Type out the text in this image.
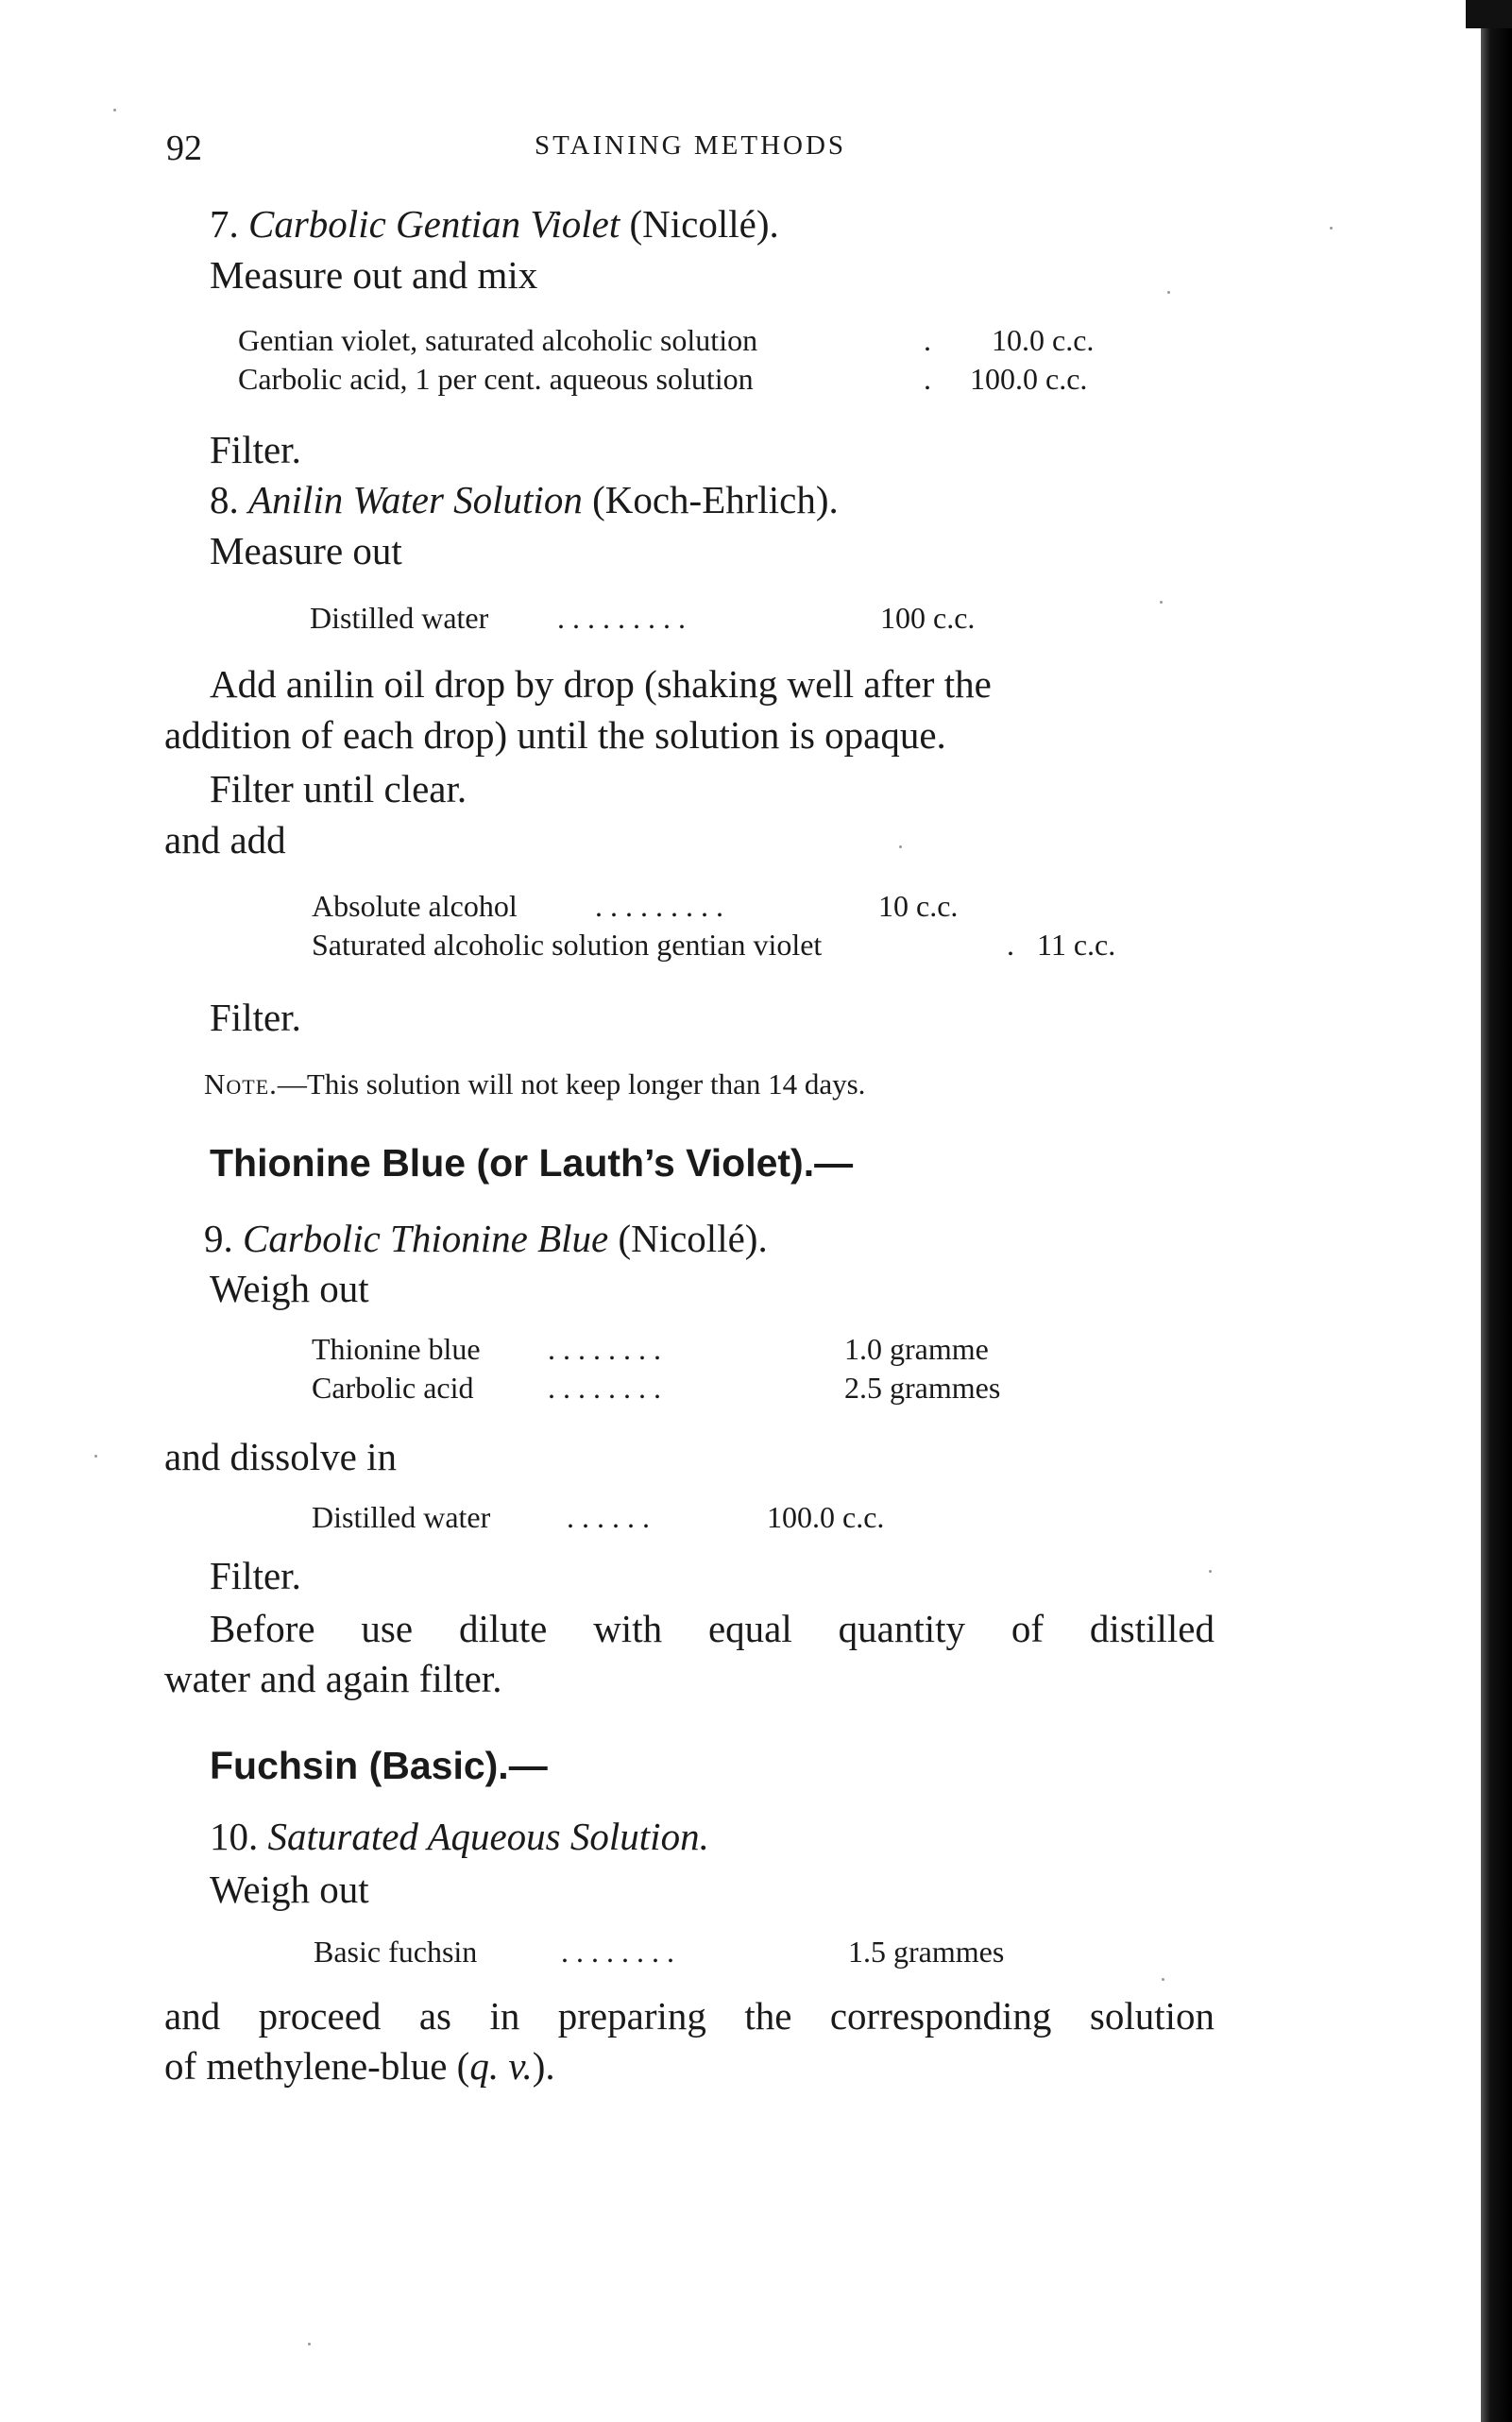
92	STAINING METHODS
7. Carbolic Gentian Violet (Nicollé).
Measure out and mix
Gentian violet, saturated alcoholic solution	. 10.0 c.c.
Carbolic acid, 1 per cent. aqueous solution	. 100.0 c.c.
Filter.
8. Anilin Water Solution (Koch-Ehrlich).
Measure out
Distilled water . . . . . . . . .	100 c.c.
Add anilin oil drop by drop (shaking well after the
addition of each drop) until the solution is opaque.
Filter until clear.
and add
Absolute alcohol	. . . . . . . . .	10 c.c.
Saturated alcoholic solution gentian violet	. 11 c.c.
Filter.
Note.—This solution will not keep longer than 14 days.
Thionine Blue (or Lauth’s Violet).—
9. Carbolic Thionine Blue (Nicollé).
Weigh out
Thionine blue . . . . . . . .	1.0 gramme
Carbolic acid . . . . . . . .	2.5 grammes
and dissolve in
Distilled water	. . . . . .	100.0 c.c.
Filter.
Before use dilute with equal quantity of distilled
water and again filter.
Fuchsin (Basic).—
10. Saturated Aqueous Solution.
Weigh out
Basic fuchsin	. . . . . . . .	1.5 grammes
and proceed as in preparing the corresponding solution
of methylene-blue (q. v.).
